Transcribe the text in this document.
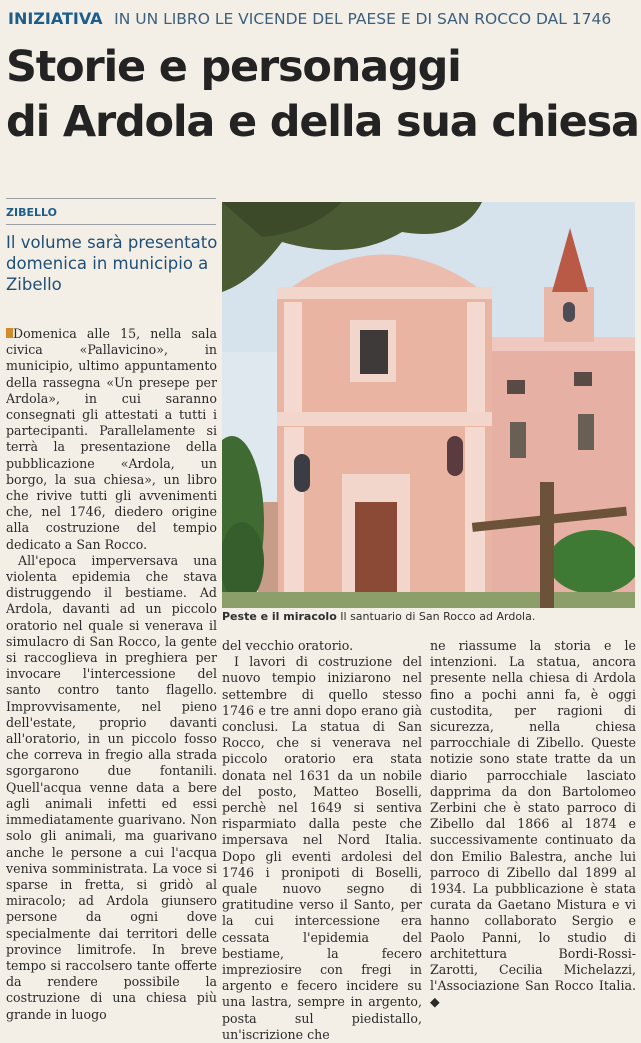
INIZIATIVA IN UN LIBRO LE VICENDE DEL PAESE E DI SAN ROCCO DAL 1746
Storie e personaggi
di Ardola e della sua chiesa
ZIBELLO
Il volume sarà presentato domenica in municipio a Zibello
Peste e il miracolo Il santuario di San Rocco ad Ardola.

Domenica alle 15, nella sala civica «Pallavicino», in municipio, ultimo appuntamento della rassegna «Un presepe per Ardola», in cui saranno consegnati gli attestati a tutti i partecipanti. Parallelamente si terrà la presentazione della pubblicazione «Ardola, un borgo, la sua chiesa», un libro che rivive tutti gli avvenimenti che, nel 1746, diedero origine alla costruzione del tempio dedicato a San Rocco.

All'epoca imperversava una violenta epidemia che stava distruggendo il bestiame. Ad Ardola, davanti ad un piccolo oratorio nel quale si venerava il simulacro di San Rocco, la gente si raccoglieva in preghiera per invocare l'intercessione del santo contro tanto flagello. Improvvisamente, nel pieno dell'estate, proprio davanti all'oratorio, in un piccolo fosso che correva in fregio alla strada sgorgarono due fontanili. Quell'acqua venne data a bere agli animali infetti ed essi immediatamente guarivano. Non solo gli animali, ma guarivano anche le persone a cui l'acqua veniva somministrata. La voce si sparse in fretta, si gridò al miracolo; ad Ardola giunsero persone da ogni dove specialmente dai territori delle province limitrofe. In breve tempo si raccolsero tante offerte da rendere possibile la costruzione di una chiesa più grande in luogo

del vecchio oratorio.

I lavori di costruzione del nuovo tempio iniziarono nel settembre di quello stesso 1746 e tre anni dopo erano già conclusi. La statua di San Rocco, che si venerava nel piccolo oratorio era stata donata nel 1631 da un nobile del posto, Matteo Boselli, perchè nel 1649 si sentiva risparmiato dalla peste che impersava nel Nord Italia. Dopo gli eventi ardolesi del 1746 i pronipoti di Boselli, quale nuovo segno di gratitudine verso il Santo, per la cui intercessione era cessata l'epidemia del bestiame, la fecero impreziosire con fregi in argento e fecero incidere su una lastra, sempre in argento, posta sul piedistallo, un'iscrizione che

ne riassume la storia e le intenzioni. La statua, ancora presente nella chiesa di Ardola fino a pochi anni fa, è oggi custodita, per ragioni di sicurezza, nella chiesa parrocchiale di Zibello. Queste notizie sono state tratte da un diario parrocchiale lasciato dapprima da don Bartolomeo Zerbini che è stato parroco di Zibello dal 1866 al 1874 e successivamente continuato da don Emilio Balestra, anche lui parroco di Zibello dal 1899 al 1934. La pubblicazione è stata curata da Gaetano Mistura e vi hanno collaborato Sergio e Paolo Panni, lo studio di architettura Bordi-Rossi-Zarotti, Cecilia Michelazzi, l'Associazione San Rocco Italia. ◆
